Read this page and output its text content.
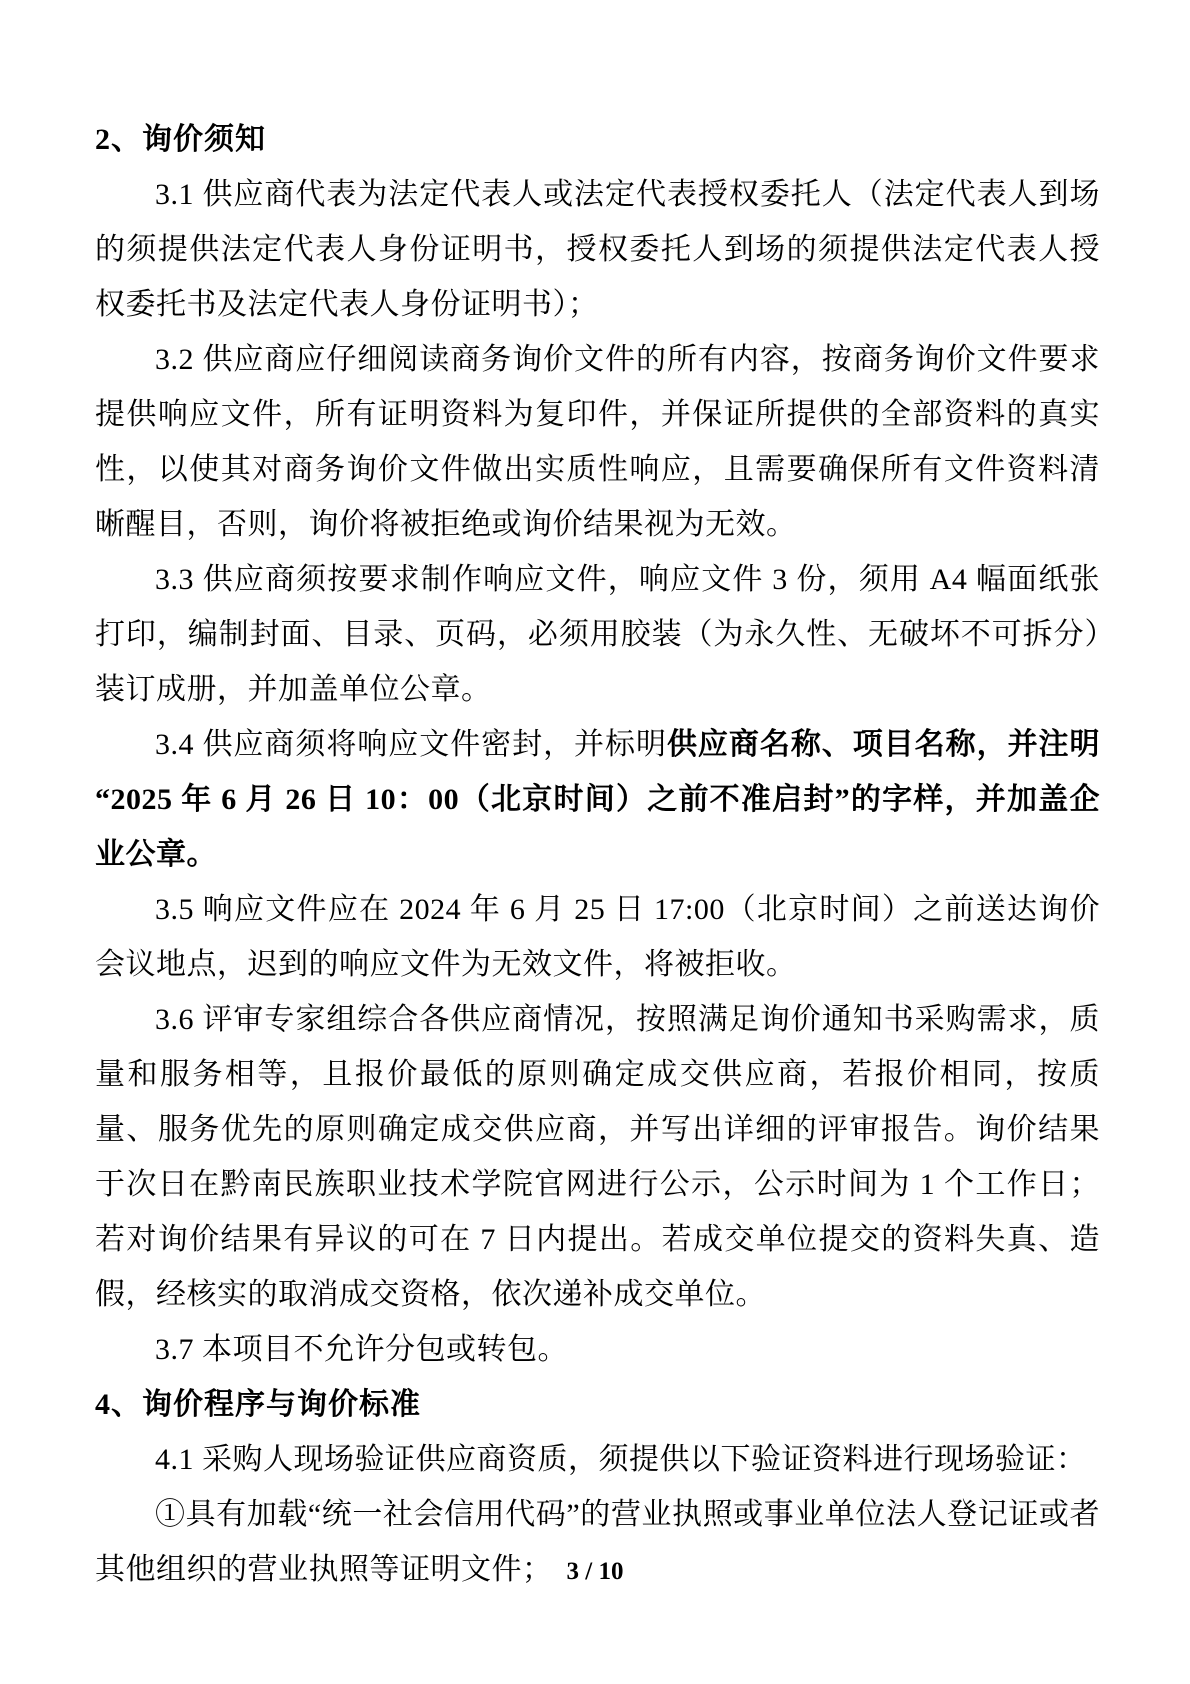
2、询价须知

3.1 供应商代表为法定代表人或法定代表授权委托人（法定代表人到场的须提供法定代表人身份证明书，授权委托人到场的须提供法定代表人授权委托书及法定代表人身份证明书）；

3.2 供应商应仔细阅读商务询价文件的所有内容，按商务询价文件要求提供响应文件，所有证明资料为复印件，并保证所提供的全部资料的真实性，以使其对商务询价文件做出实质性响应，且需要确保所有文件资料清晰醒目，否则，询价将被拒绝或询价结果视为无效。

3.3 供应商须按要求制作响应文件，响应文件 3 份，须用 A4 幅面纸张打印，编制封面、目录、页码，必须用胶装（为永久性、无破坏不可拆分）装订成册，并加盖单位公章。

3.4 供应商须将响应文件密封，并标明供应商名称、项目名称，并注明“2025 年 6 月 26 日 10：00（北京时间）之前不准启封”的字样，并加盖企业公章。

3.5 响应文件应在 2024 年 6 月 25 日 17:00（北京时间）之前送达询价会议地点，迟到的响应文件为无效文件，将被拒收。

3.6 评审专家组综合各供应商情况，按照满足询价通知书采购需求，质量和服务相等，且报价最低的原则确定成交供应商，若报价相同，按质量、服务优先的原则确定成交供应商，并写出详细的评审报告。询价结果于次日在黔南民族职业技术学院官网进行公示，公示时间为 1 个工作日；若对询价结果有异议的可在 7 日内提出。若成交单位提交的资料失真、造假，经核实的取消成交资格，依次递补成交单位。

3.7 本项目不允许分包或转包。

4、询价程序与询价标准

4.1 采购人现场验证供应商资质，须提供以下验证资料进行现场验证：

①具有加载“统一社会信用代码”的营业执照或事业单位法人登记证或者其他组织的营业执照等证明文件； 3 / 10
